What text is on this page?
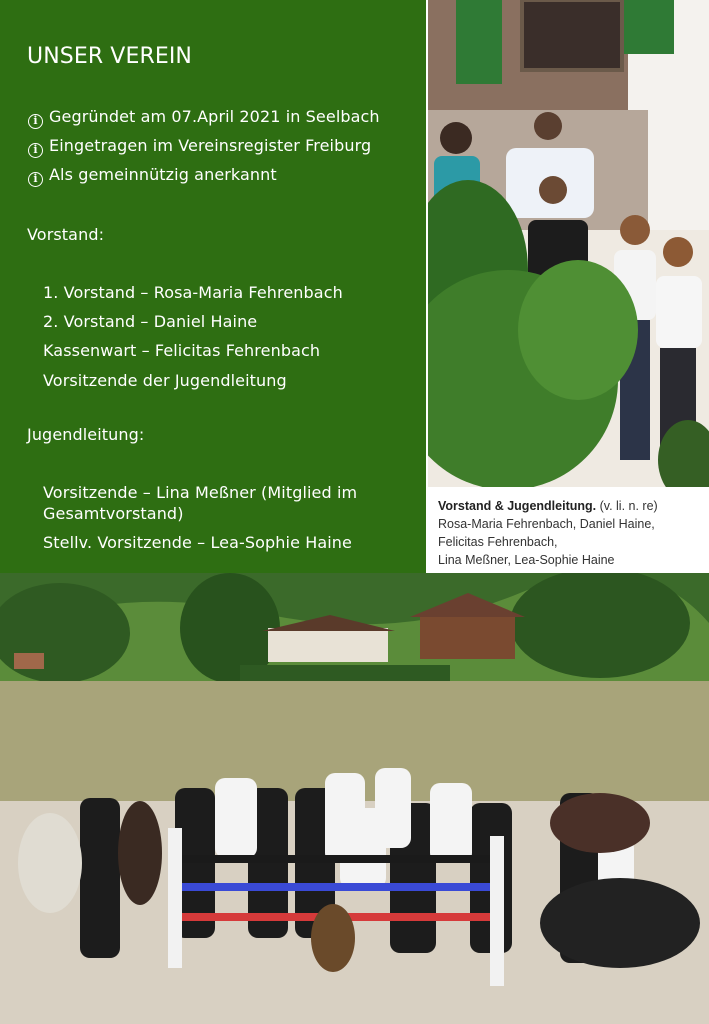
UNSER VEREIN
i Gegründet am 07.April 2021 in Seelbach
i Eingetragen im Vereinsregister Freiburg
i Als gemeinnützig anerkannt
Vorstand:
1. Vorstand – Rosa-Maria Fehrenbach
2. Vorstand – Daniel Haine
Kassenwart – Felicitas Fehrenbach
Vorsitzende der Jugendleitung
Jugendleitung:
Vorsitzende – Lina Meßner (Mitglied im Gesamtvorstand)
Stellv. Vorsitzende – Lea-Sophie Haine
Vorstand & Jugendleitung. (v. li. n. re)
Rosa-Maria Fehrenbach, Daniel Haine,
Felicitas Fehrenbach,
Lina Meßner, Lea-Sophie Haine
